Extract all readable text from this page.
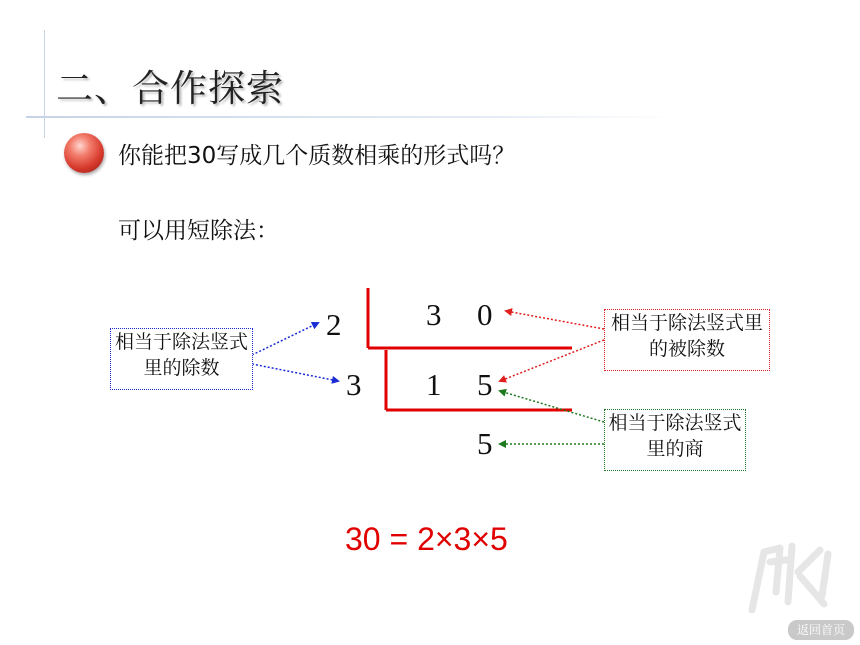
二、合作探索
你能把30写成几个质数相乘的形式吗？
可以用短除法：
2	3 0
3 1 5
5
相当于除法竖式里的除数
相当于除法竖式里的被除数
相当于除法竖式里的商
30 = 2×3×5
返回首页
